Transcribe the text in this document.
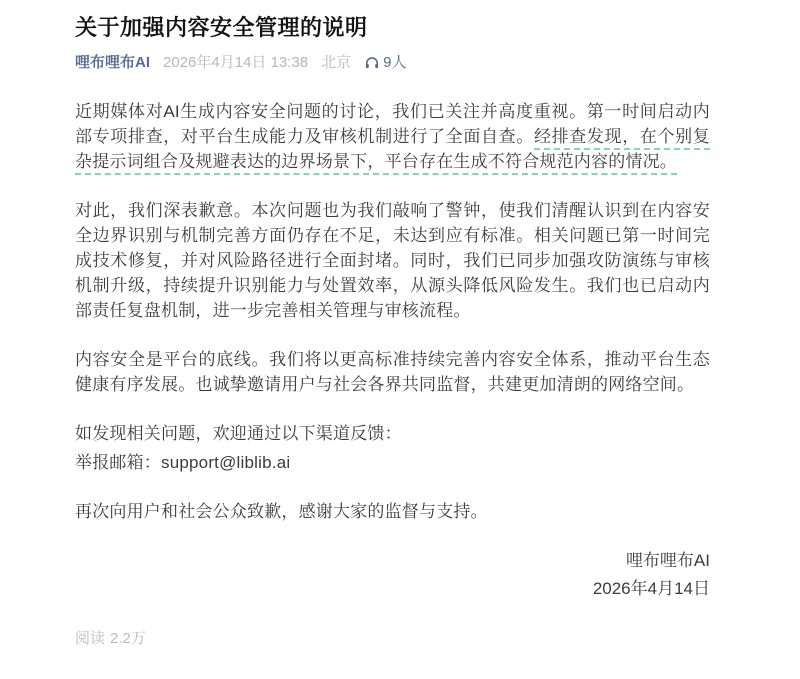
关于加强内容安全管理的说明
哩布哩布AI 2026年4月14日 13:38 北京 9人

近期媒体对AI生成内容安全问题的讨论，我们已关注并高度重视。第一时间启动内部专项排查，对平台生成能力及审核机制进行了全面自查。经排查发现，在个别复杂提示词组合及规避表达的边界场景下，平台存在生成不符合规范内容的情况。

对此，我们深表歉意。本次问题也为我们敲响了警钟，使我们清醒认识到在内容安全边界识别与机制完善方面仍存在不足，未达到应有标准。相关问题已第一时间完成技术修复，并对风险路径进行全面封堵。同时，我们已同步加强攻防演练与审核机制升级，持续提升识别能力与处置效率，从源头降低风险发生。我们也已启动内部责任复盘机制，进一步完善相关管理与审核流程。

内容安全是平台的底线。我们将以更高标准持续完善内容安全体系，推动平台生态健康有序发展。也诚挚邀请用户与社会各界共同监督，共建更加清朗的网络空间。

如发现相关问题，欢迎通过以下渠道反馈：

举报邮箱：support@liblib.ai

再次向用户和社会公众致歉，感谢大家的监督与支持。

哩布哩布AI
2026年4月14日
阅读 2.2万
